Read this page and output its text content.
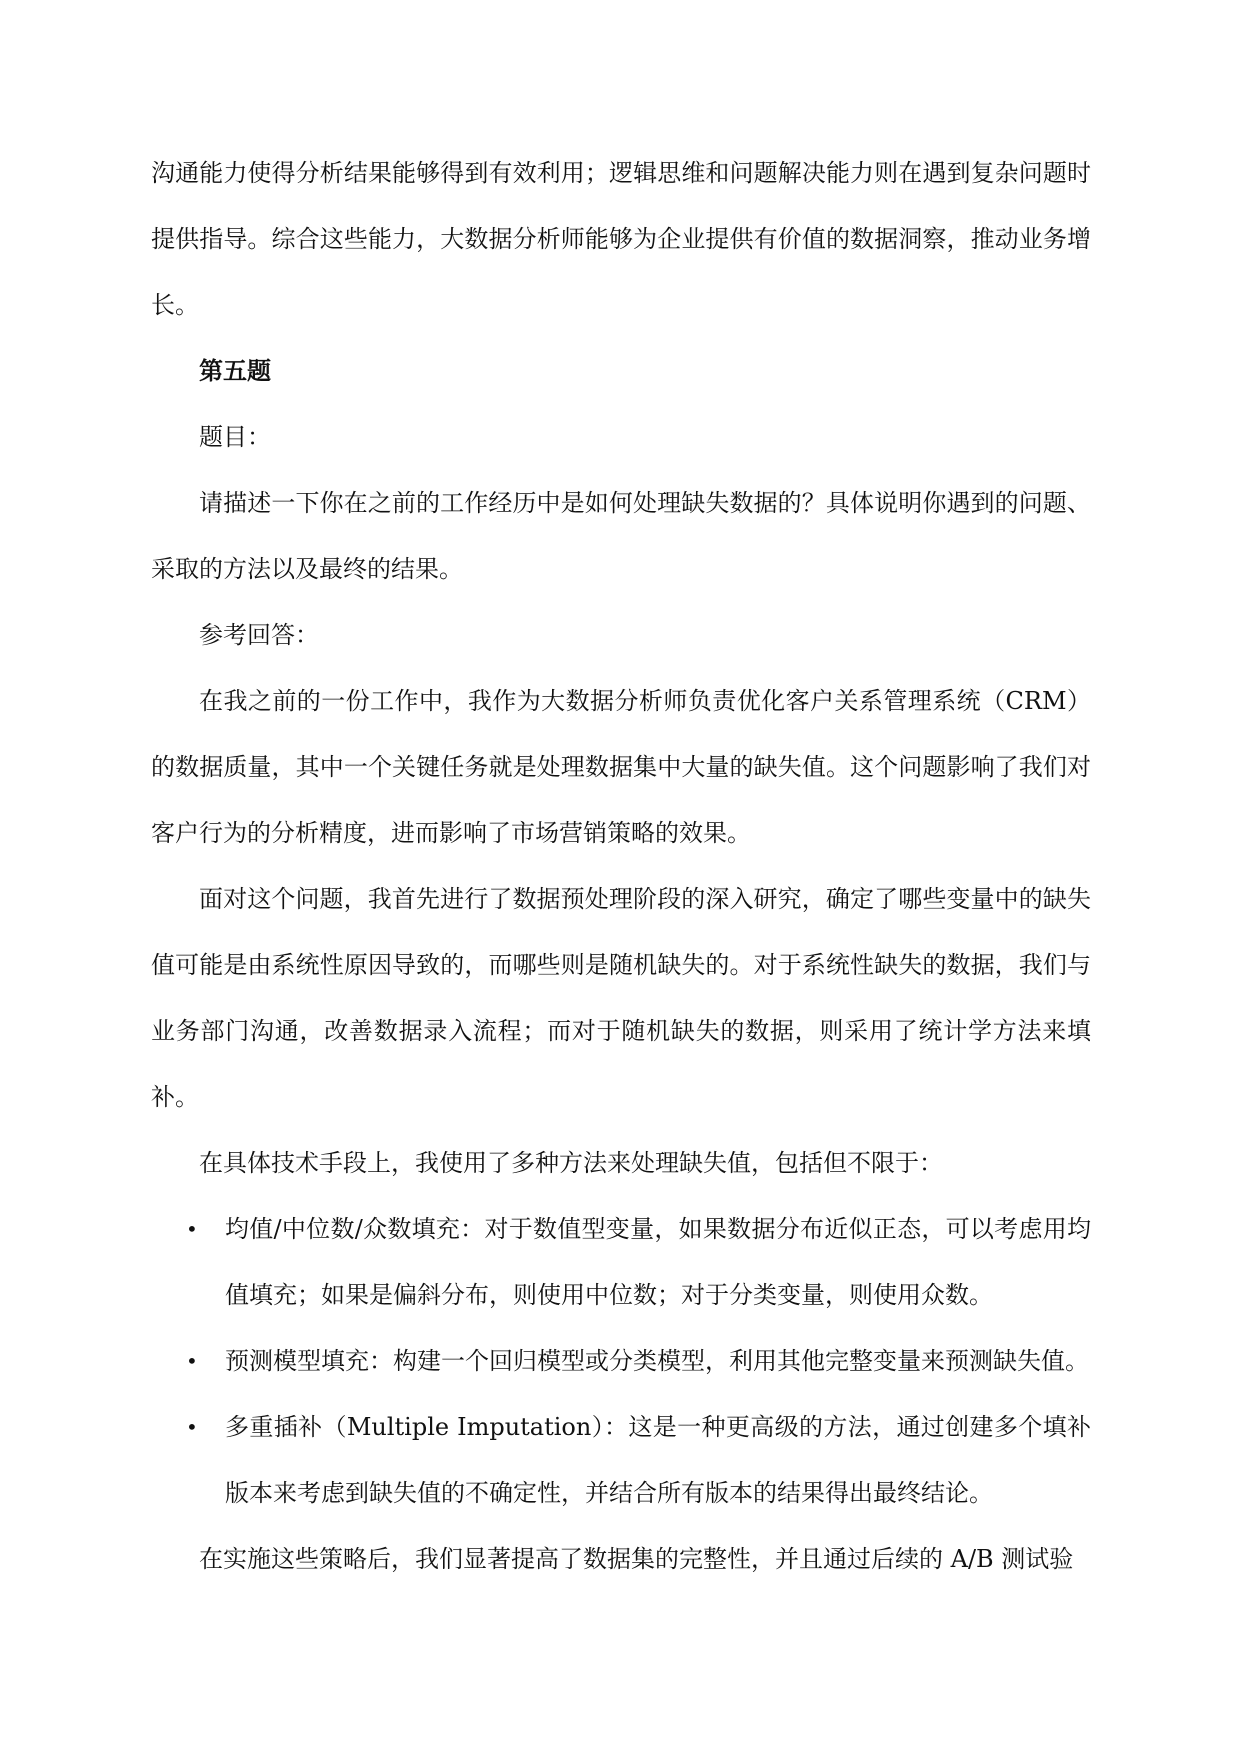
沟通能力使得分析结果能够得到有效利用；逻辑思维和问题解决能力则在遇到复杂问题时提供指导。综合这些能力，大数据分析师能够为企业提供有价值的数据洞察，推动业务增长。

第五题

题目：

请描述一下你在之前的工作经历中是如何处理缺失数据的？具体说明你遇到的问题、采取的方法以及最终的结果。

参考回答：

在我之前的一份工作中，我作为大数据分析师负责优化客户关系管理系统（CRM）的数据质量，其中一个关键任务就是处理数据集中大量的缺失值。这个问题影响了我们对客户行为的分析精度，进而影响了市场营销策略的效果。

面对这个问题，我首先进行了数据预处理阶段的深入研究，确定了哪些变量中的缺失值可能是由系统性原因导致的，而哪些则是随机缺失的。对于系统性缺失的数据，我们与业务部门沟通，改善数据录入流程；而对于随机缺失的数据，则采用了统计学方法来填补。

在具体技术手段上，我使用了多种方法来处理缺失值，包括但不限于：

• 均值/中位数/众数填充：对于数值型变量，如果数据分布近似正态，可以考虑用均值填充；如果是偏斜分布，则使用中位数；对于分类变量，则使用众数。
• 预测模型填充：构建一个回归模型或分类模型，利用其他完整变量来预测缺失值。
• 多重插补（Multiple Imputation）：这是一种更高级的方法，通过创建多个填补版本来考虑到缺失值的不确定性，并结合所有版本的结果得出最终结论。

在实施这些策略后，我们显著提高了数据集的完整性，并且通过后续的 A/B 测试验
